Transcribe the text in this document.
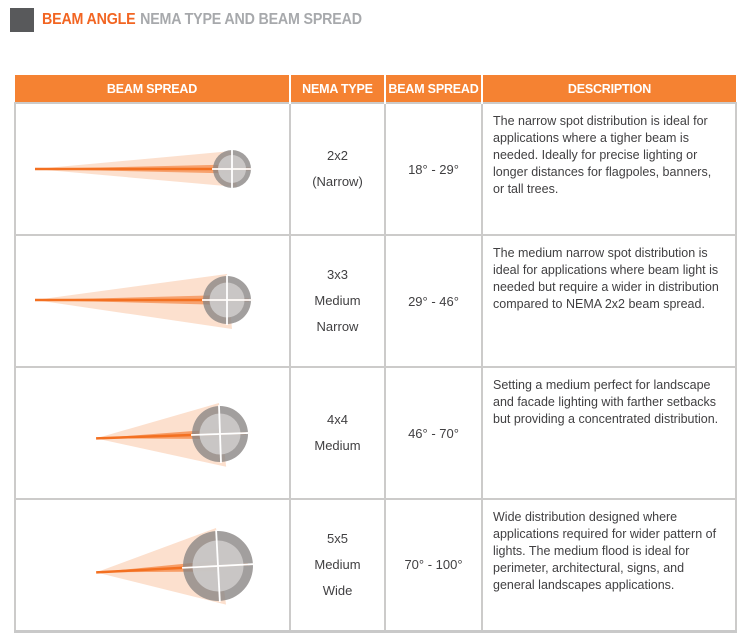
BEAM ANGLE NEMA TYPE AND BEAM SPREAD
BEAM SPREAD	NEMA TYPE	BEAM SPREAD	DESCRIPTION

2x2
(Narrow)	18° - 29°	The narrow spot distribution is ideal for applications where a tigher beam is needed. Ideally for precise lighting or longer distances for flagpoles, banners, or tall trees.

3x3
Medium
Narrow	29° - 46°	The medium narrow spot distribution is ideal for applications where beam light is needed but require a wider in distribution compared to NEMA 2x2 beam spread.

4x4
Medium	46° - 70°	Setting a medium perfect for landscape and facade lighting with farther setbacks but providing a concentrated distribution.

5x5
Medium
Wide	70° - 100°	Wide distribution designed where applications required for wider pattern of lights. The medium flood is ideal for perimeter, architectural, signs, and general landscapes applications.
